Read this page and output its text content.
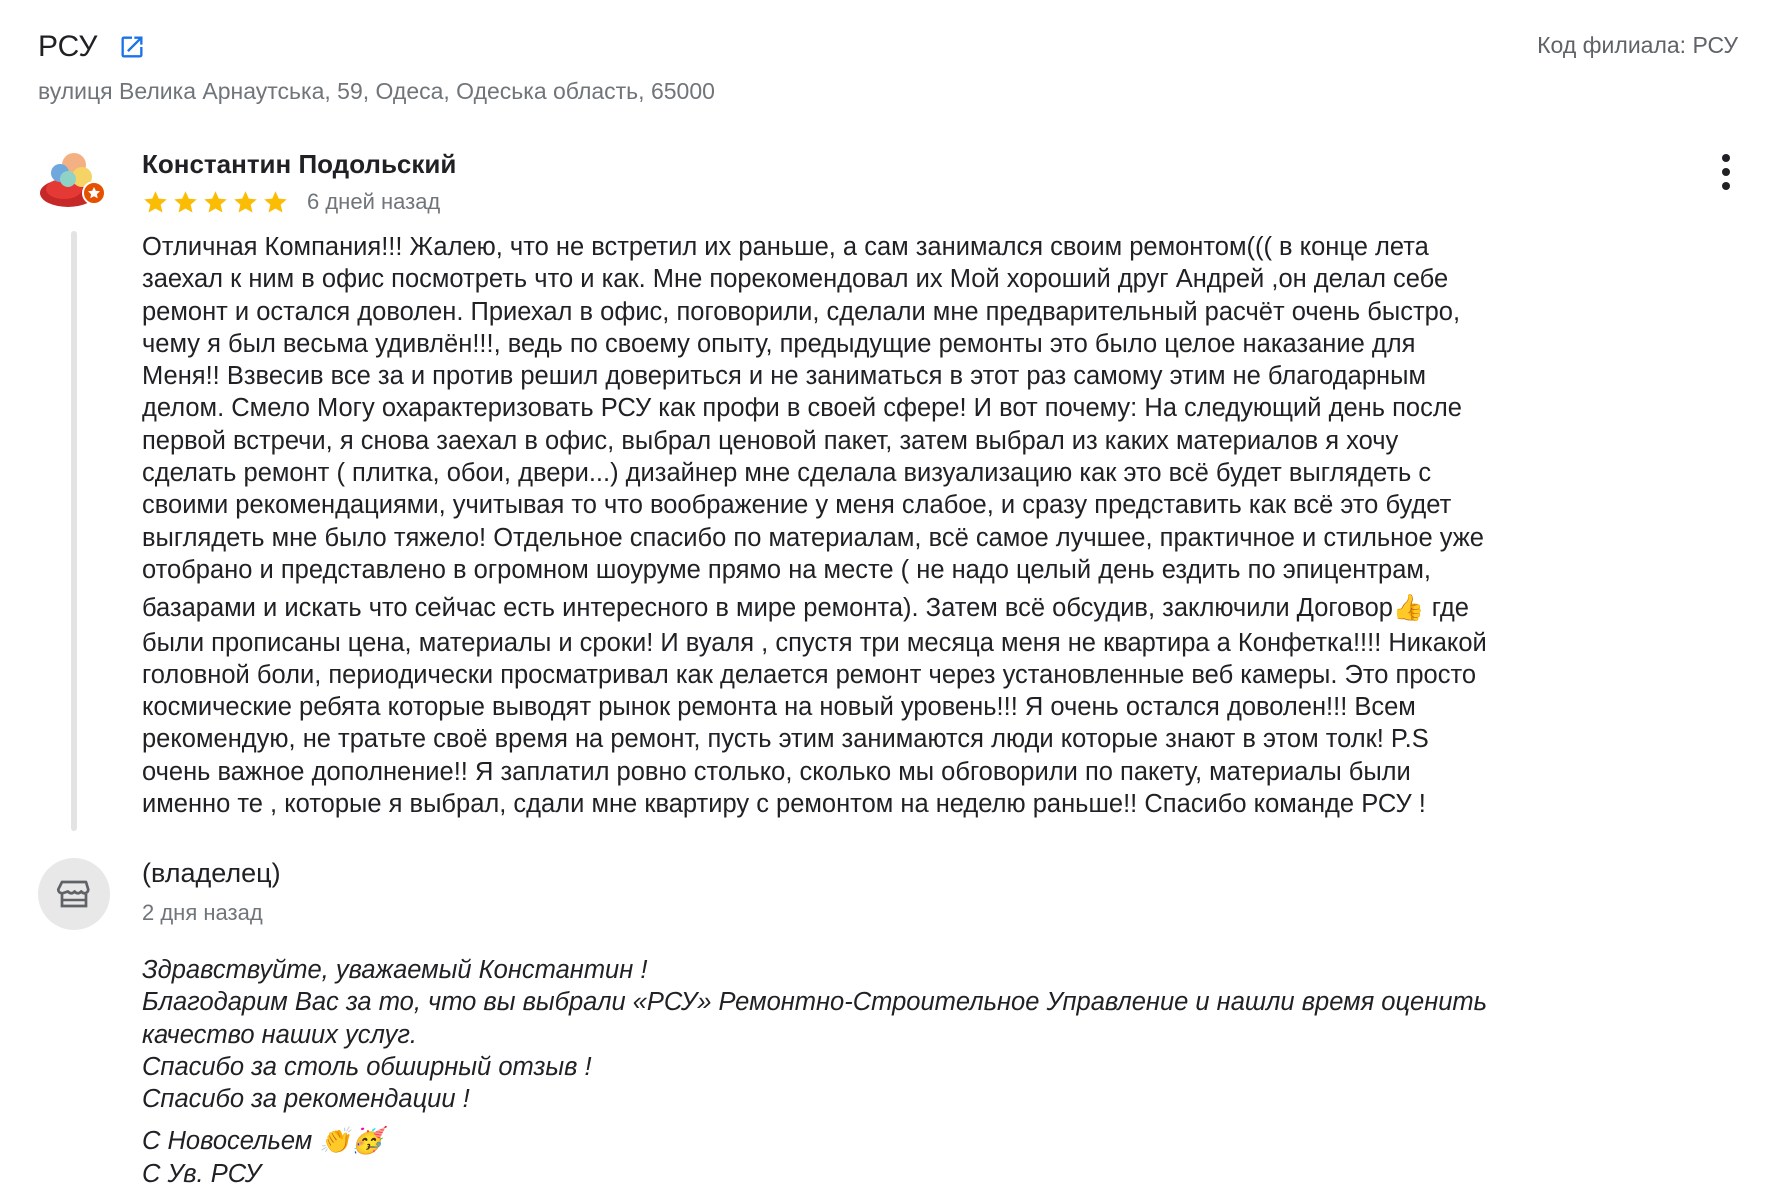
РСУ	Код филиала: РСУ
вулиця Велика Арнаутська, 59, Одеса, Одеська область, 65000
Константин Подольский
6 дней назад

Отличная Компания!!! Жалею, что не встретил их раньше, а сам занимался своим ремонтом((( в конце лета

заехал к ним в офис посмотреть что и как. Мне порекомендовал их Мой хороший друг Андрей ,он делал себе

ремонт и остался доволен. Приехал в офис, поговорили, сделали мне предварительный расчёт очень быстро,

чему я был весьма удивлён!!!, ведь по своему опыту, предыдущие ремонты это было целое наказание для

Меня!! Взвесив все за и против решил довериться и не заниматься в этот раз самому этим не благодарным

делом. Смело Могу охарактеризовать РСУ как профи в своей сфере! И вот почему: На следующий день после

первой встречи, я снова заехал в офис, выбрал ценовой пакет, затем выбрал из каких материалов я хочу

сделать ремонт ( плитка, обои, двери...) дизайнер мне сделала визуализацию как это всё будет выглядеть с

своими рекомендациями, учитывая то что воображение у меня слабое, и сразу представить как всё это будет

выглядеть мне было тяжело! Отдельное спасибо по материалам, всё самое лучшее, практичное и стильное уже

отобрано и представлено в огромном шоуруме прямо на месте ( не надо целый день ездить по эпицентрам,

базарами и искать что сейчас есть интересного в мире ремонта). Затем всё обсудив, заключили Договор👍 где

были прописаны цена, материалы и сроки! И вуаля , спустя три месяца меня не квартира а Конфетка!!!! Никакой

головной боли, периодически просматривал как делается ремонт через установленные веб камеры. Это просто

космические ребята которые выводят рынок ремонта на новый уровень!!! Я очень остался доволен!!! Всем

рекомендую, не тратьте своё время на ремонт, пусть этим занимаются люди которые знают в этом толк! P.S

очень важное дополнение!! Я заплатил ровно столько, сколько мы обговорили по пакету, материалы были

именно те , которые я выбрал, сдали мне квартиру с ремонтом на неделю раньше!! Спасибо команде РСУ !

(владелец)
2 дня назад

Здравствуйте, уважаемый Константин !

Благодарим Вас за то, что вы выбрали «РСУ» Ремонтно-Строительное Управление и нашли время оценить

качество наших услуг.

Спасибо за столь обширный отзыв !

Спасибо за рекомендации !

С Новосельем 👏🥳

С Ув. РСУ
